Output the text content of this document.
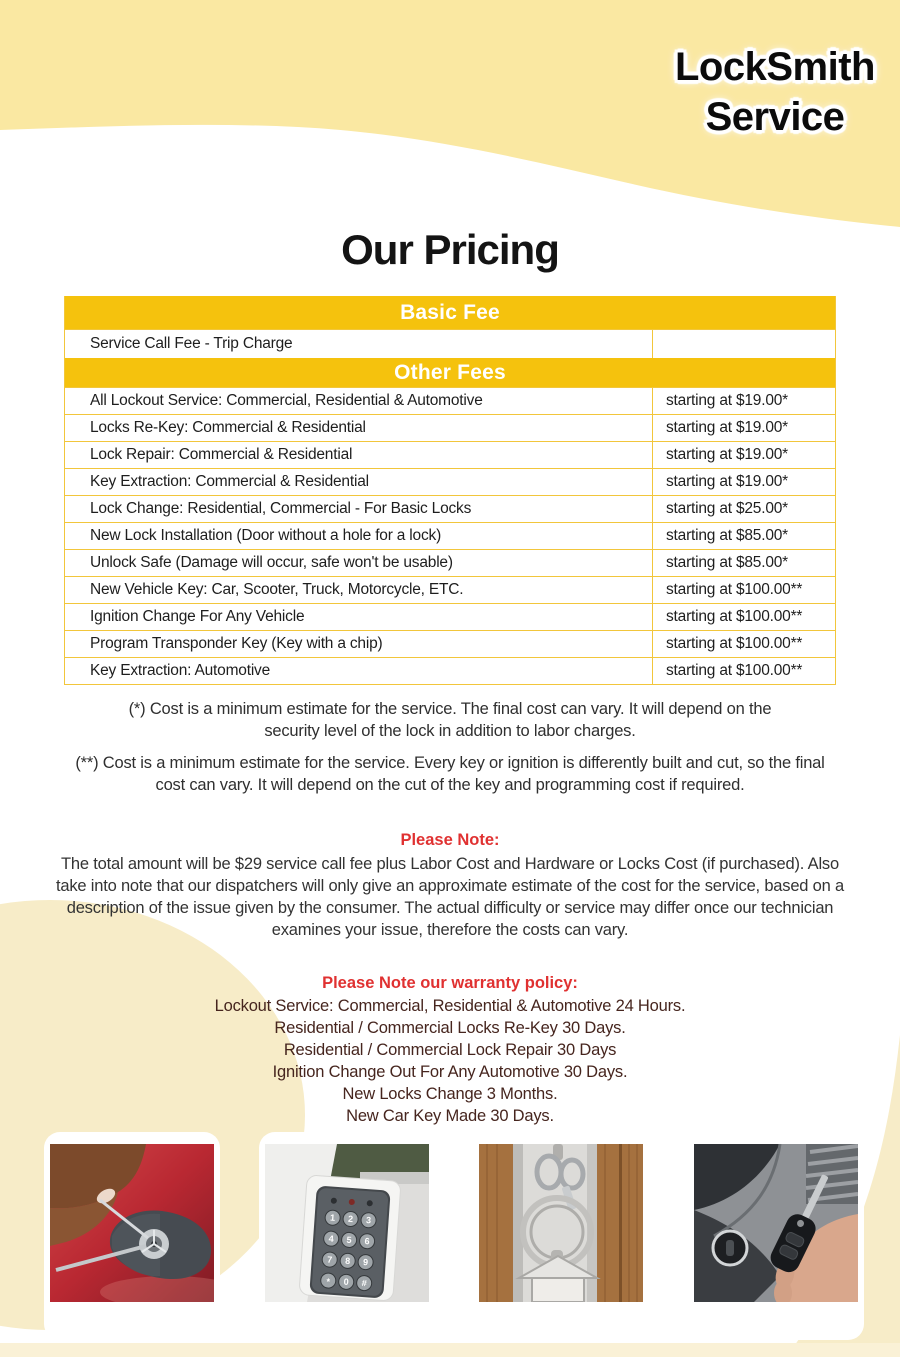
LockSmith
Service
Our Pricing
Basic Fee
Service Call Fee - Trip Charge
Other Fees
All Lockout Service: Commercial, Residential & Automotive	starting at $19.00*
Locks Re-Key: Commercial & Residential	starting at $19.00*
Lock Repair: Commercial & Residential	starting at $19.00*
Key Extraction: Commercial & Residential	starting at $19.00*
Lock Change: Residential, Commercial - For Basic Locks	starting at $25.00*
New Lock Installation (Door without a hole for a lock)	starting at $85.00*
Unlock Safe (Damage will occur, safe won't be usable)	starting at $85.00*
New Vehicle Key: Car, Scooter, Truck, Motorcycle, ETC.	starting at $100.00**
Ignition Change For Any Vehicle	starting at $100.00**
Program Transponder Key (Key with a chip)	starting at $100.00**
Key Extraction: Automotive	starting at $100.00**
(*) Cost is a minimum estimate for the service. The final cost can vary. It will depend on the security level of the lock in addition to labor charges.
(**) Cost is a minimum estimate for the service. Every key or ignition is differently built and cut, so the final cost can vary. It will depend on the cut of the key and programming cost if required.
Please Note:
The total amount will be $29 service call fee plus Labor Cost and Hardware or Locks Cost (if purchased). Also take into note that our dispatchers will only give an approximate estimate of the cost for the service, based on a description of the issue given by the consumer. The actual difficulty or service may differ once our technician examines your issue, therefore the costs can vary.
Please Note our warranty policy:
Lockout Service: Commercial, Residential & Automotive 24 Hours.
Residential / Commercial Locks Re-Key 30 Days.
Residential / Commercial Lock Repair 30 Days
Ignition Change Out For Any Automotive 30 Days.
New Locks Change 3 Months.
New Car Key Made 30 Days.
1 2 3
4 5 6
7 8 9
* 0 #
